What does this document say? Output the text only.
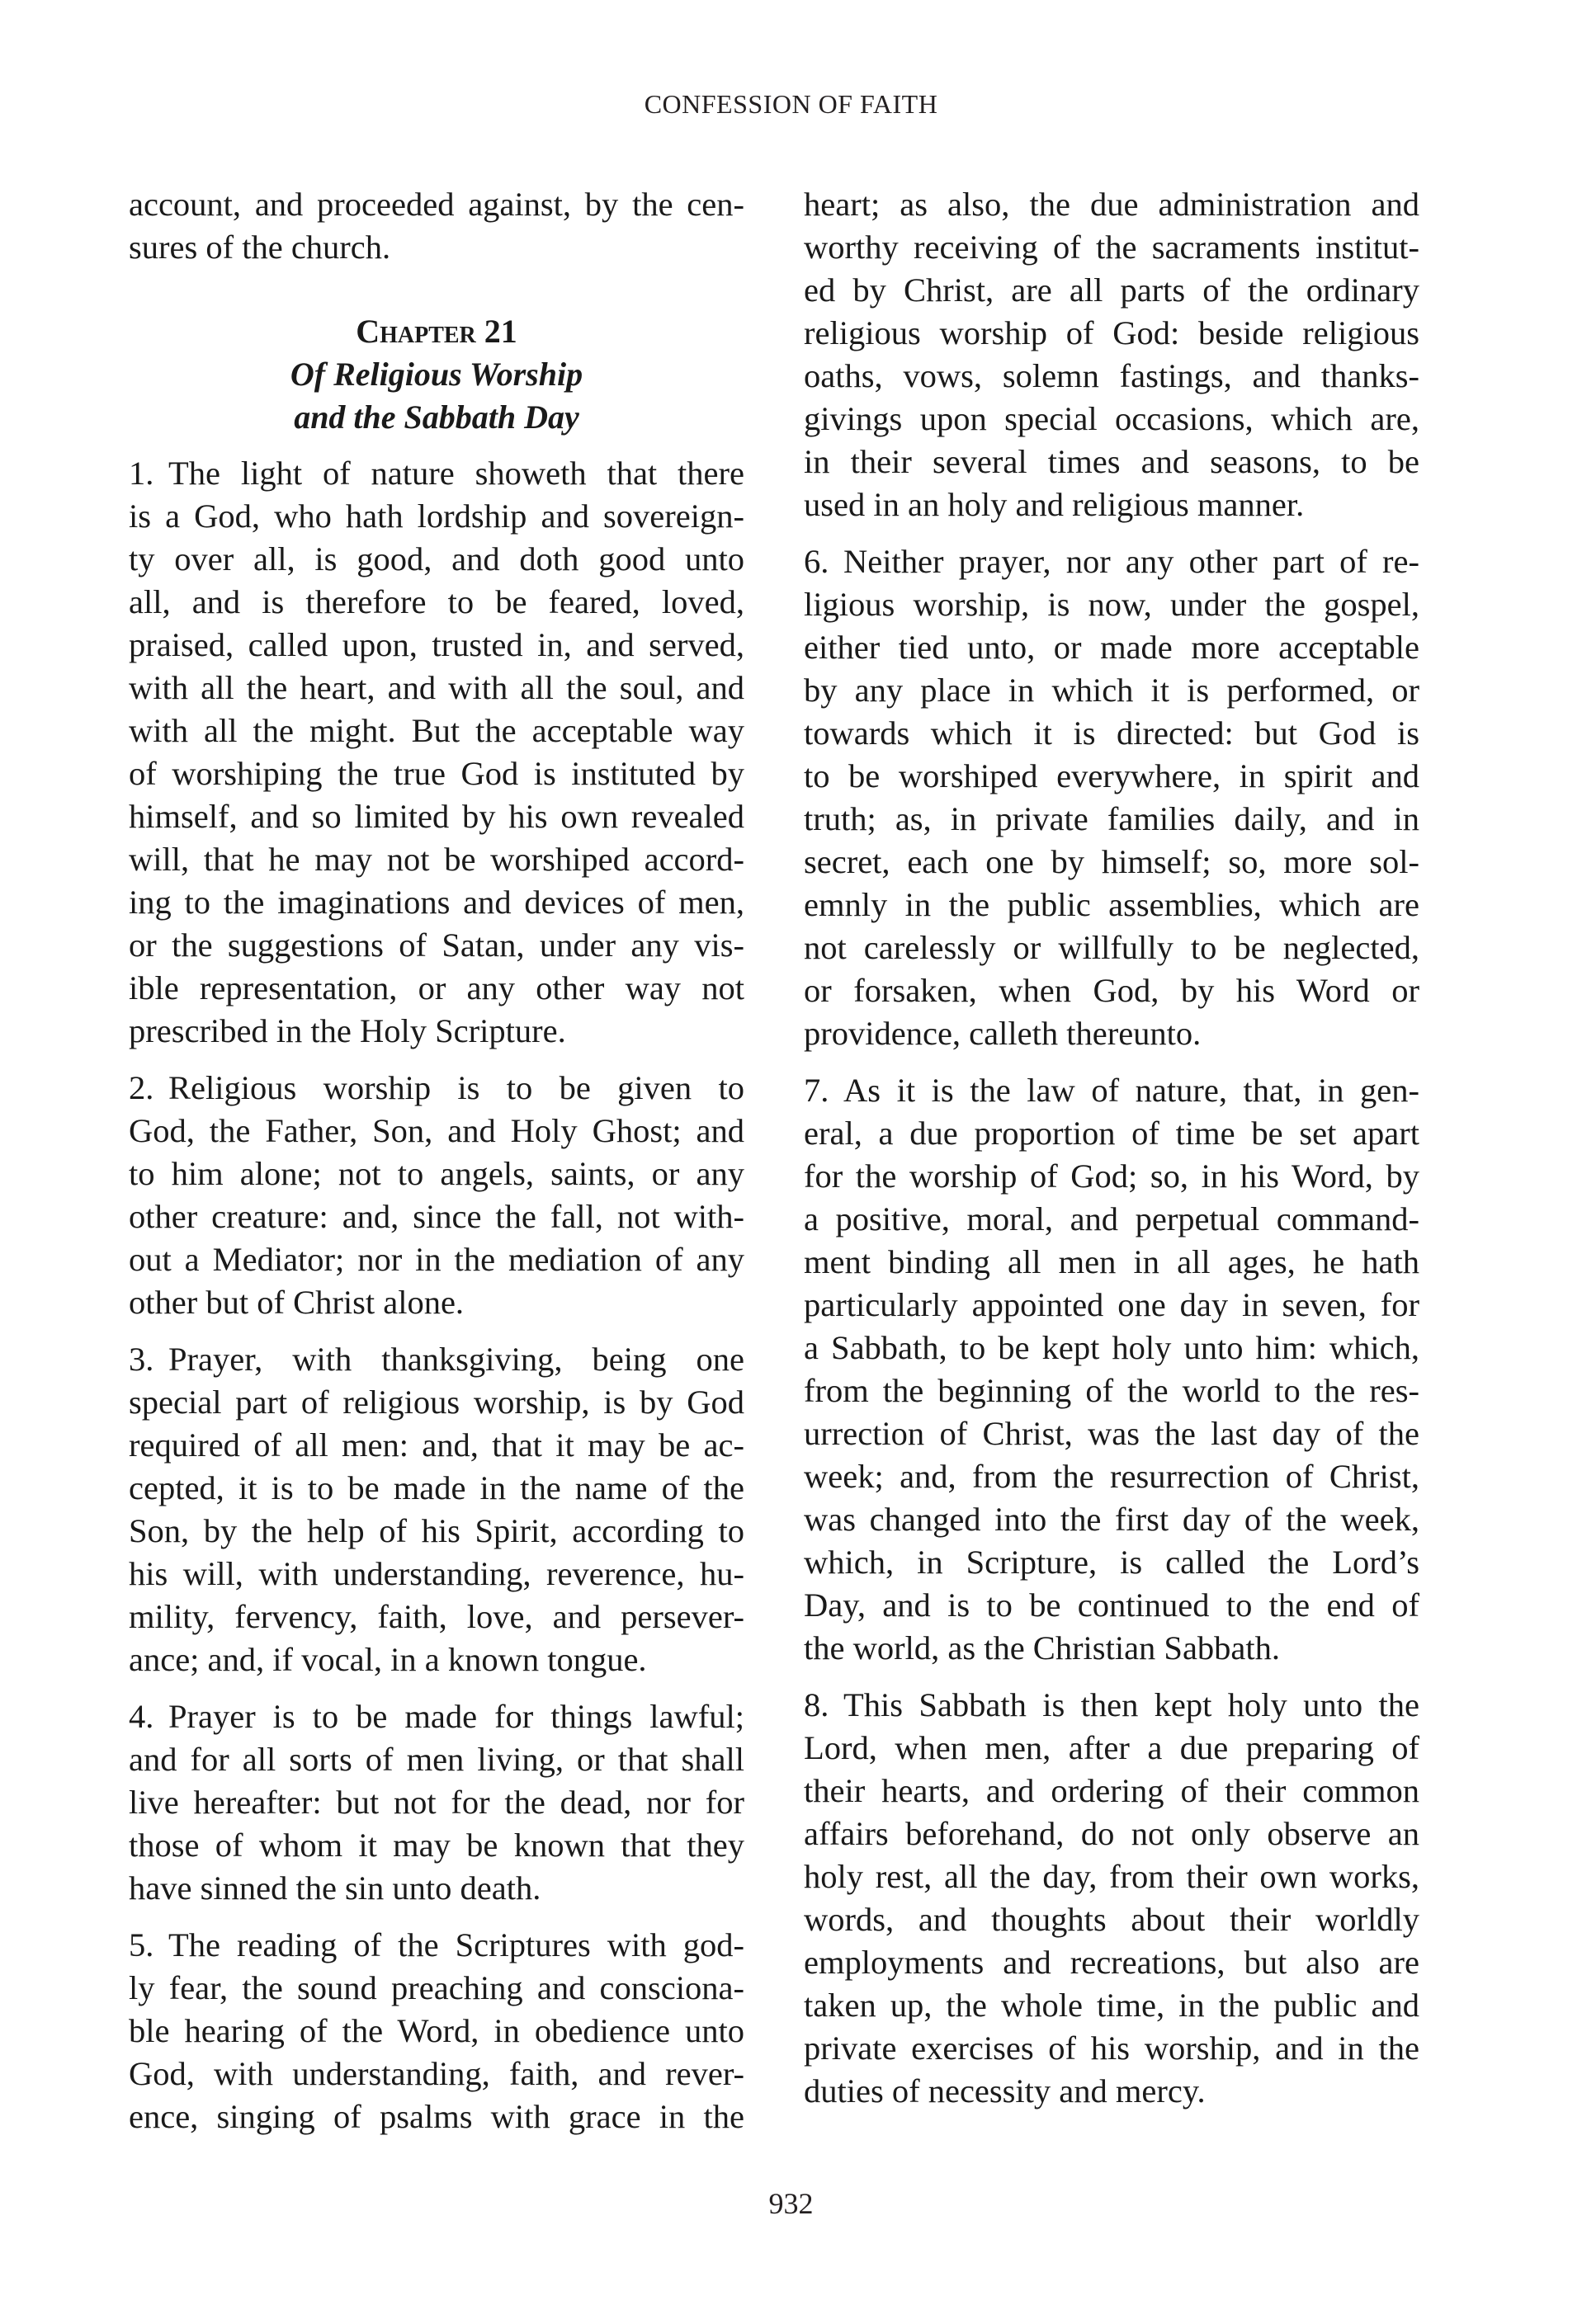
CONFESSION OF FAITH
account, and proceeded against, by the cen-
sures of the church.
Chapter 21
Of Religious Worship
and the Sabbath Day
1. The light of nature showeth that there
is a God, who hath lordship and sovereign-
ty over all, is good, and doth good unto
all, and is therefore to be feared, loved,
praised, called upon, trusted in, and served,
with all the heart, and with all the soul, and
with all the might. But the acceptable way
of worshiping the true God is instituted by
himself, and so limited by his own revealed
will, that he may not be worshiped accord-
ing to the imaginations and devices of men,
or the suggestions of Satan, under any vis-
ible representation, or any other way not
prescribed in the Holy Scripture.
2. Religious worship is to be given to
God, the Father, Son, and Holy Ghost; and
to him alone; not to angels, saints, or any
other creature: and, since the fall, not with-
out a Mediator; nor in the mediation of any
other but of Christ alone.
3. Prayer, with thanksgiving, being one
special part of religious worship, is by God
required of all men: and, that it may be ac-
cepted, it is to be made in the name of the
Son, by the help of his Spirit, according to
his will, with understanding, reverence, hu-
mility, fervency, faith, love, and persever-
ance; and, if vocal, in a known tongue.
4. Prayer is to be made for things lawful;
and for all sorts of men living, or that shall
live hereafter: but not for the dead, nor for
those of whom it may be known that they
have sinned the sin unto death.
5. The reading of the Scriptures with god-
ly fear, the sound preaching and consciona-
ble hearing of the Word, in obedience unto
God, with understanding, faith, and rever-
ence, singing of psalms with grace in the
heart; as also, the due administration and
worthy receiving of the sacraments institut-
ed by Christ, are all parts of the ordinary
religious worship of God: beside religious
oaths, vows, solemn fastings, and thanks-
givings upon special occasions, which are,
in their several times and seasons, to be
used in an holy and religious manner.
6. Neither prayer, nor any other part of re-
ligious worship, is now, under the gospel,
either tied unto, or made more acceptable
by any place in which it is performed, or
towards which it is directed: but God is
to be worshiped everywhere, in spirit and
truth; as, in private families daily, and in
secret, each one by himself; so, more sol-
emnly in the public assemblies, which are
not carelessly or willfully to be neglected,
or forsaken, when God, by his Word or
providence, calleth thereunto.
7. As it is the law of nature, that, in gen-
eral, a due proportion of time be set apart
for the worship of God; so, in his Word, by
a positive, moral, and perpetual command-
ment binding all men in all ages, he hath
particularly appointed one day in seven, for
a Sabbath, to be kept holy unto him: which,
from the beginning of the world to the res-
urrection of Christ, was the last day of the
week; and, from the resurrection of Christ,
was changed into the first day of the week,
which, in Scripture, is called the Lord’s
Day, and is to be continued to the end of
the world, as the Christian Sabbath.
8. This Sabbath is then kept holy unto the
Lord, when men, after a due preparing of
their hearts, and ordering of their common
affairs beforehand, do not only observe an
holy rest, all the day, from their own works,
words, and thoughts about their worldly
employments and recreations, but also are
taken up, the whole time, in the public and
private exercises of his worship, and in the
duties of necessity and mercy.
932
